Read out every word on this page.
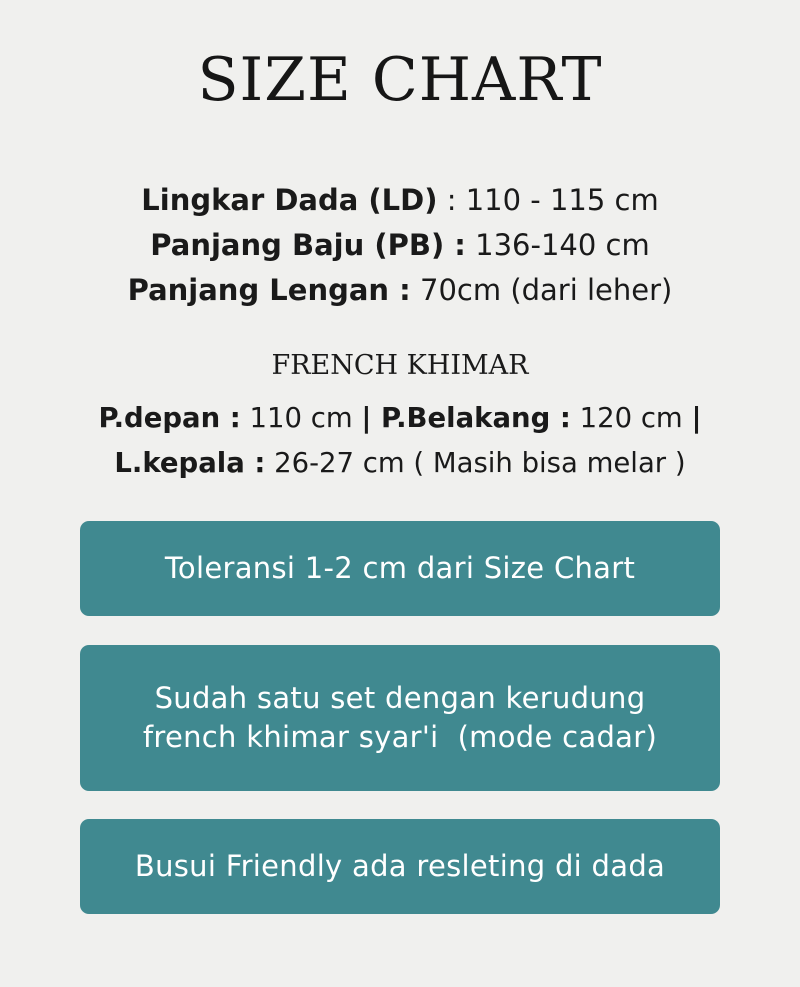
SIZE CHART
Lingkar Dada (LD) : 110 - 115 cm
Panjang Baju (PB) : 136-140 cm
Panjang Lengan : 70cm (dari leher)
FRENCH KHIMAR
P.depan : 110 cm | P.Belakang : 120 cm |
L.kepala : 26-27 cm ( Masih bisa melar )
Toleransi 1-2 cm dari Size Chart
Sudah satu set dengan kerudung
french khimar syar'i  (mode cadar)
Busui Friendly ada resleting di dada
